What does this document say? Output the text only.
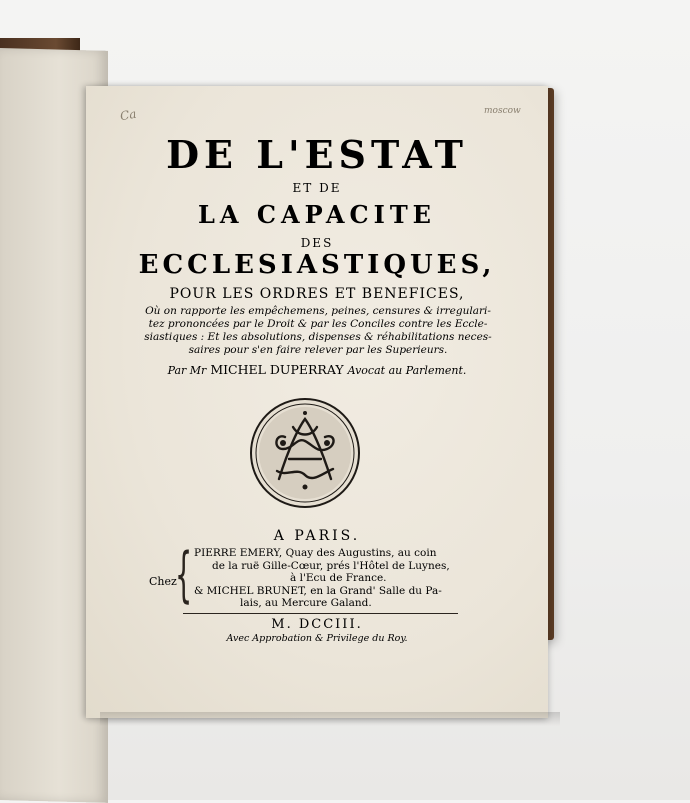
Ca	moscow
DE L'ESTAT
ET DE
LA CAPACITE
DES
ECCLESIASTIQUES,
POUR LES ORDRES ET BENEFICES,
Où on rapporte les empêchemens, peines, censures & irregulari-
tez prononcées par le Droit & par les Conciles contre les Eccle-
siastiques : Et les absolutions, dispenses & réhabilitations neces-
saires pour s'en faire relever par les Superieurs.
Par Mr MICHEL DUPERRAY Avocat au Parlement.
A PARIS.
Chez
{ PIERRE EMERY, Quay des Augustins, au coin
de la ruë Gille-Cœur, prés l'Hôtel de Luynes,
à l'Ecu de France.
& MICHEL BRUNET, en la Grand' Salle du Pa-
lais, au Mercure Galand.
M. DCCIII.
Avec Approbation & Privilege du Roy.
